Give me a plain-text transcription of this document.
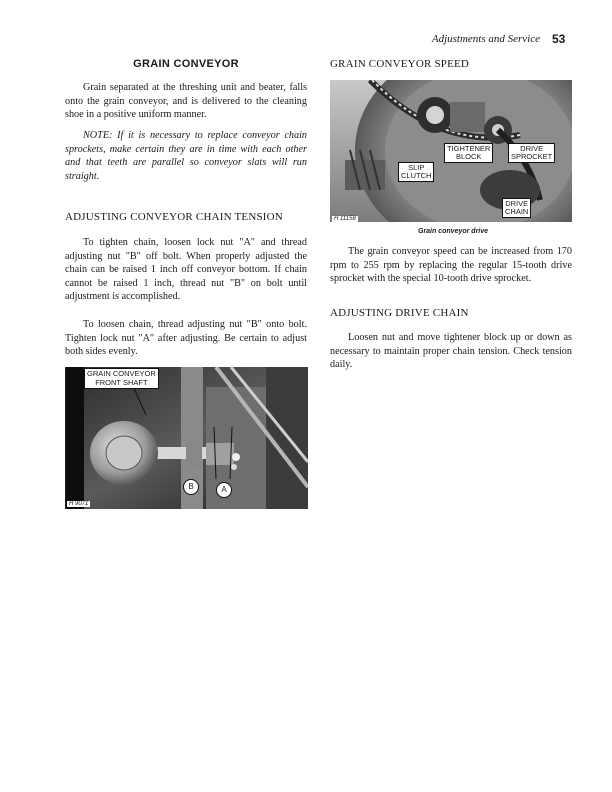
Adjustments and Service 53
GRAIN CONVEYOR

Grain separated at the threshing unit and beater, falls onto the grain conveyor, and is delivered to the cleaning shoe in a positive uniform manner.

NOTE: If it is necessary to replace conveyor chain sprockets, make certain they are in time with each other and that teeth are parallel so conveyor slats will run straight.

ADJUSTING CONVEYOR CHAIN TENSION

To tighten chain, loosen lock nut "A" and thread adjusting nut "B" off bolt. When properly adjusted the chain can be raised 1 inch off conveyor bottom. If chain cannot be raised 1 inch, thread nut "B" on bolt until adjustment is accomplished.

To loosen chain, thread adjusting nut "B" onto bolt. Tighten lock nut "A" after adjusting. Be certain to adjust both sides evenly.

GRAIN CONVEYOR
FRONT SHAFT
B	A
H 9071
GRAIN CONVEYOR SPEED
TIGHTENER
BLOCK
DRIVE
SPROCKET
SLIP
CLUTCH
DRIVE
CHAIN
H 11158
Grain conveyor drive

The grain conveyor speed can be increased from 170 rpm to 255 rpm by replacing the regular 15-tooth drive sprocket with the special 10-tooth drive sprocket.

ADJUSTING DRIVE CHAIN

Loosen nut and move tightener block up or down as necessary to maintain proper chain tension. Check tension daily.
